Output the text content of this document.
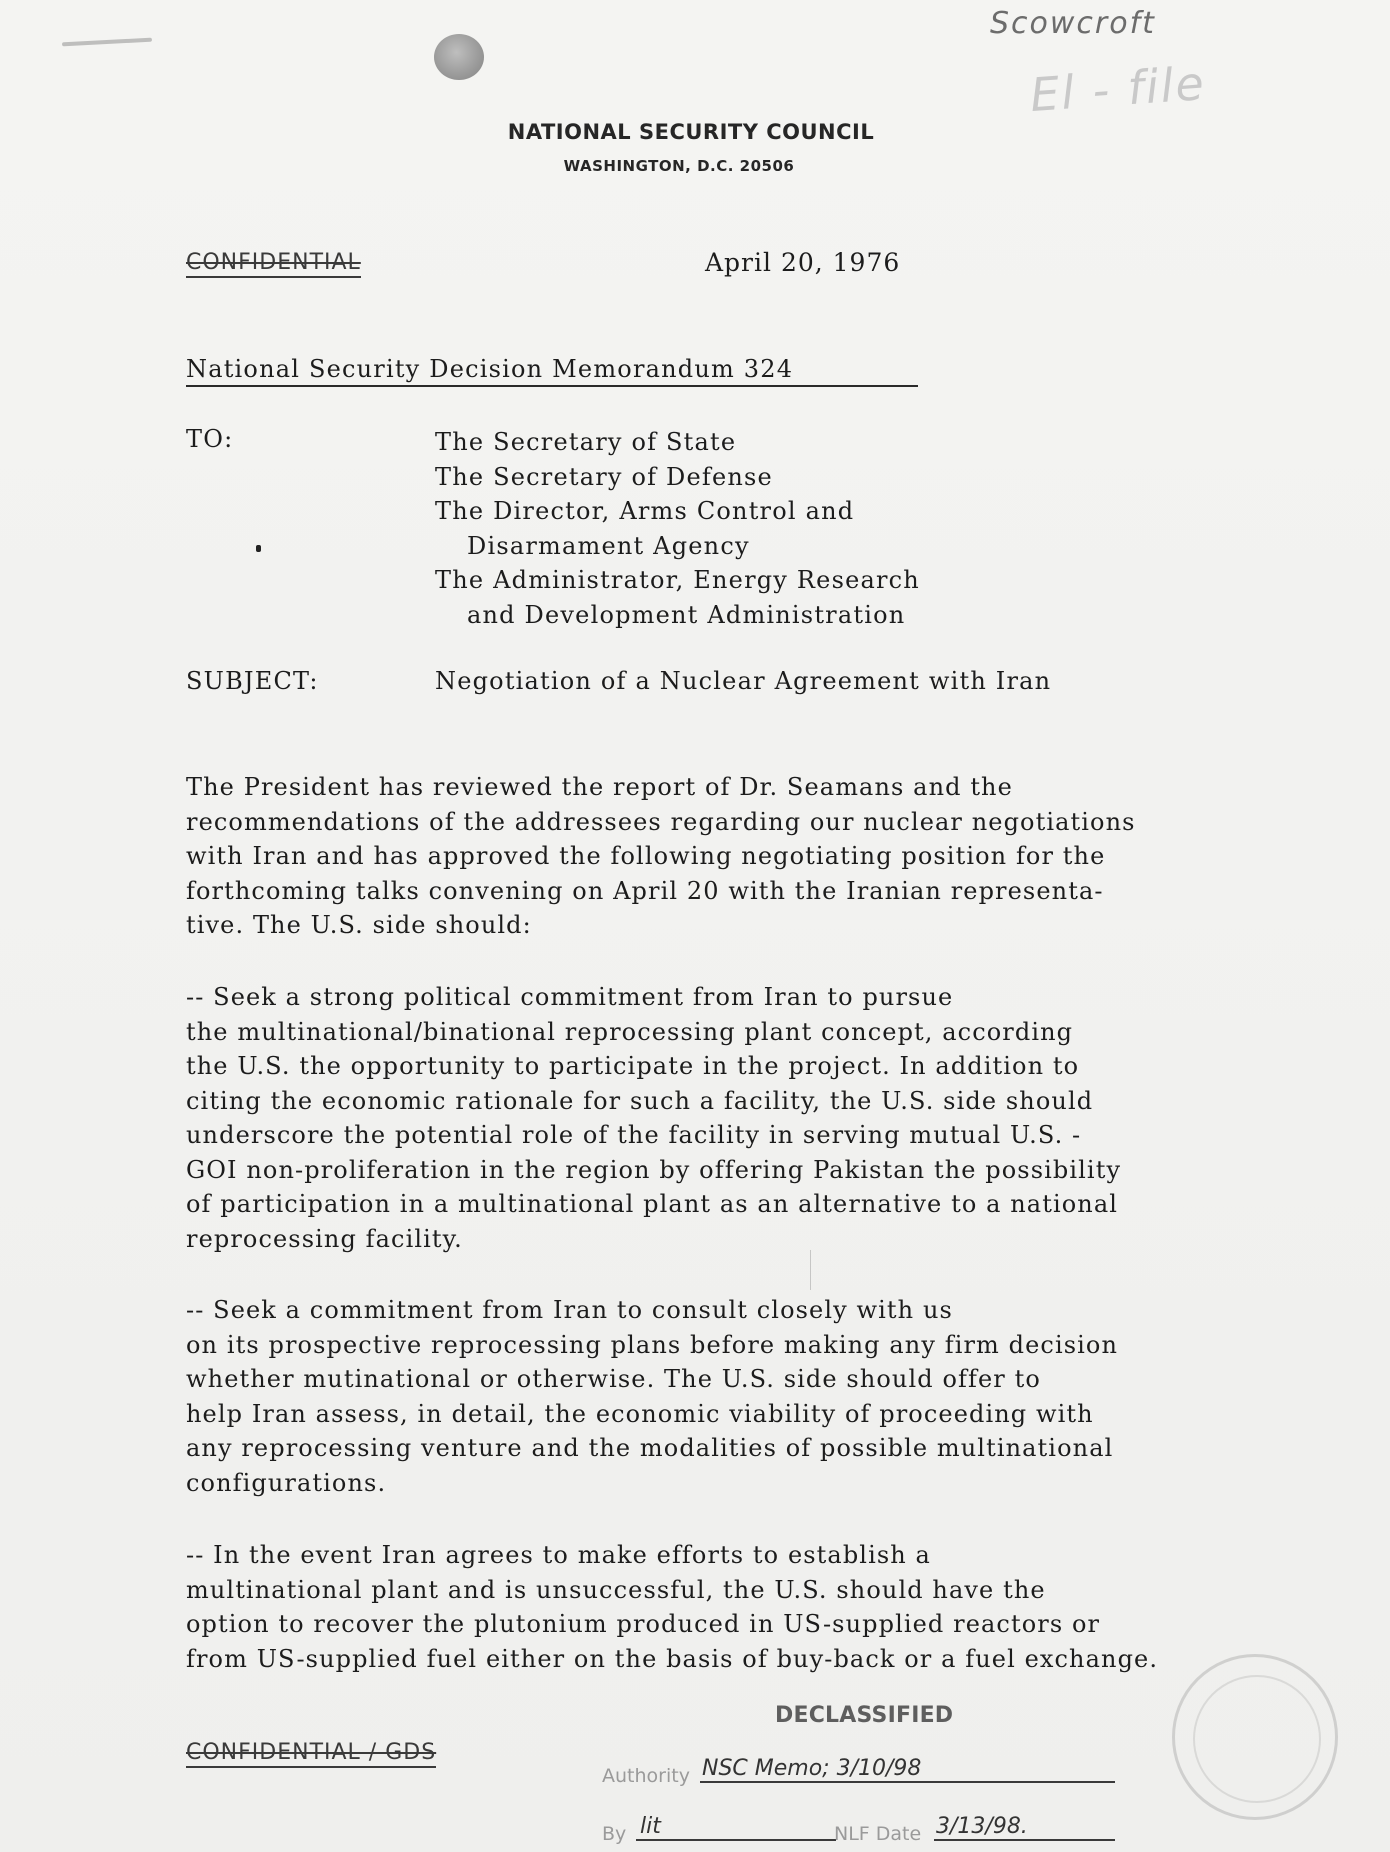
Scowcroft
El - file
NATIONAL SECURITY COUNCIL
WASHINGTON, D.C. 20506
CONFIDENTIAL	April 20, 1976
National Security Decision Memorandum 324
TO:	The Secretary of State
The Secretary of Defense
The Director, Arms Control and
Disarmament Agency
The Administrator, Energy Research
and Development Administration
SUBJECT:	Negotiation of a Nuclear Agreement with Iran
The President has reviewed the report of Dr. Seamans and the
recommendations of the addressees regarding our nuclear negotiations
with Iran and has approved the following negotiating position for the
forthcoming talks convening on April 20 with the Iranian representa-
tive. The U.S. side should:
-- Seek a strong political commitment from Iran to pursue
the multinational/binational reprocessing plant concept, according
the U.S. the opportunity to participate in the project. In addition to
citing the economic rationale for such a facility, the U.S. side should
underscore the potential role of the facility in serving mutual U.S. -
GOI non-proliferation in the region by offering Pakistan the possibility
of participation in a multinational plant as an alternative to a national
reprocessing facility.
-- Seek a commitment from Iran to consult closely with us
on its prospective reprocessing plans before making any firm decision
whether mutinational or otherwise. The U.S. side should offer to
help Iran assess, in detail, the economic viability of proceeding with
any reprocessing venture and the modalities of possible multinational
configurations.
-- In the event Iran agrees to make efforts to establish a
multinational plant and is unsuccessful, the U.S. should have the
option to recover the plutonium produced in US-supplied reactors or
from US-supplied fuel either on the basis of buy-back or a fuel exchange.
CONFIDENTIAL / GDS
DECLASSIFIED
Authority NSC Memo; 3/10/98
By lit	NLF Date 3/13/98.
